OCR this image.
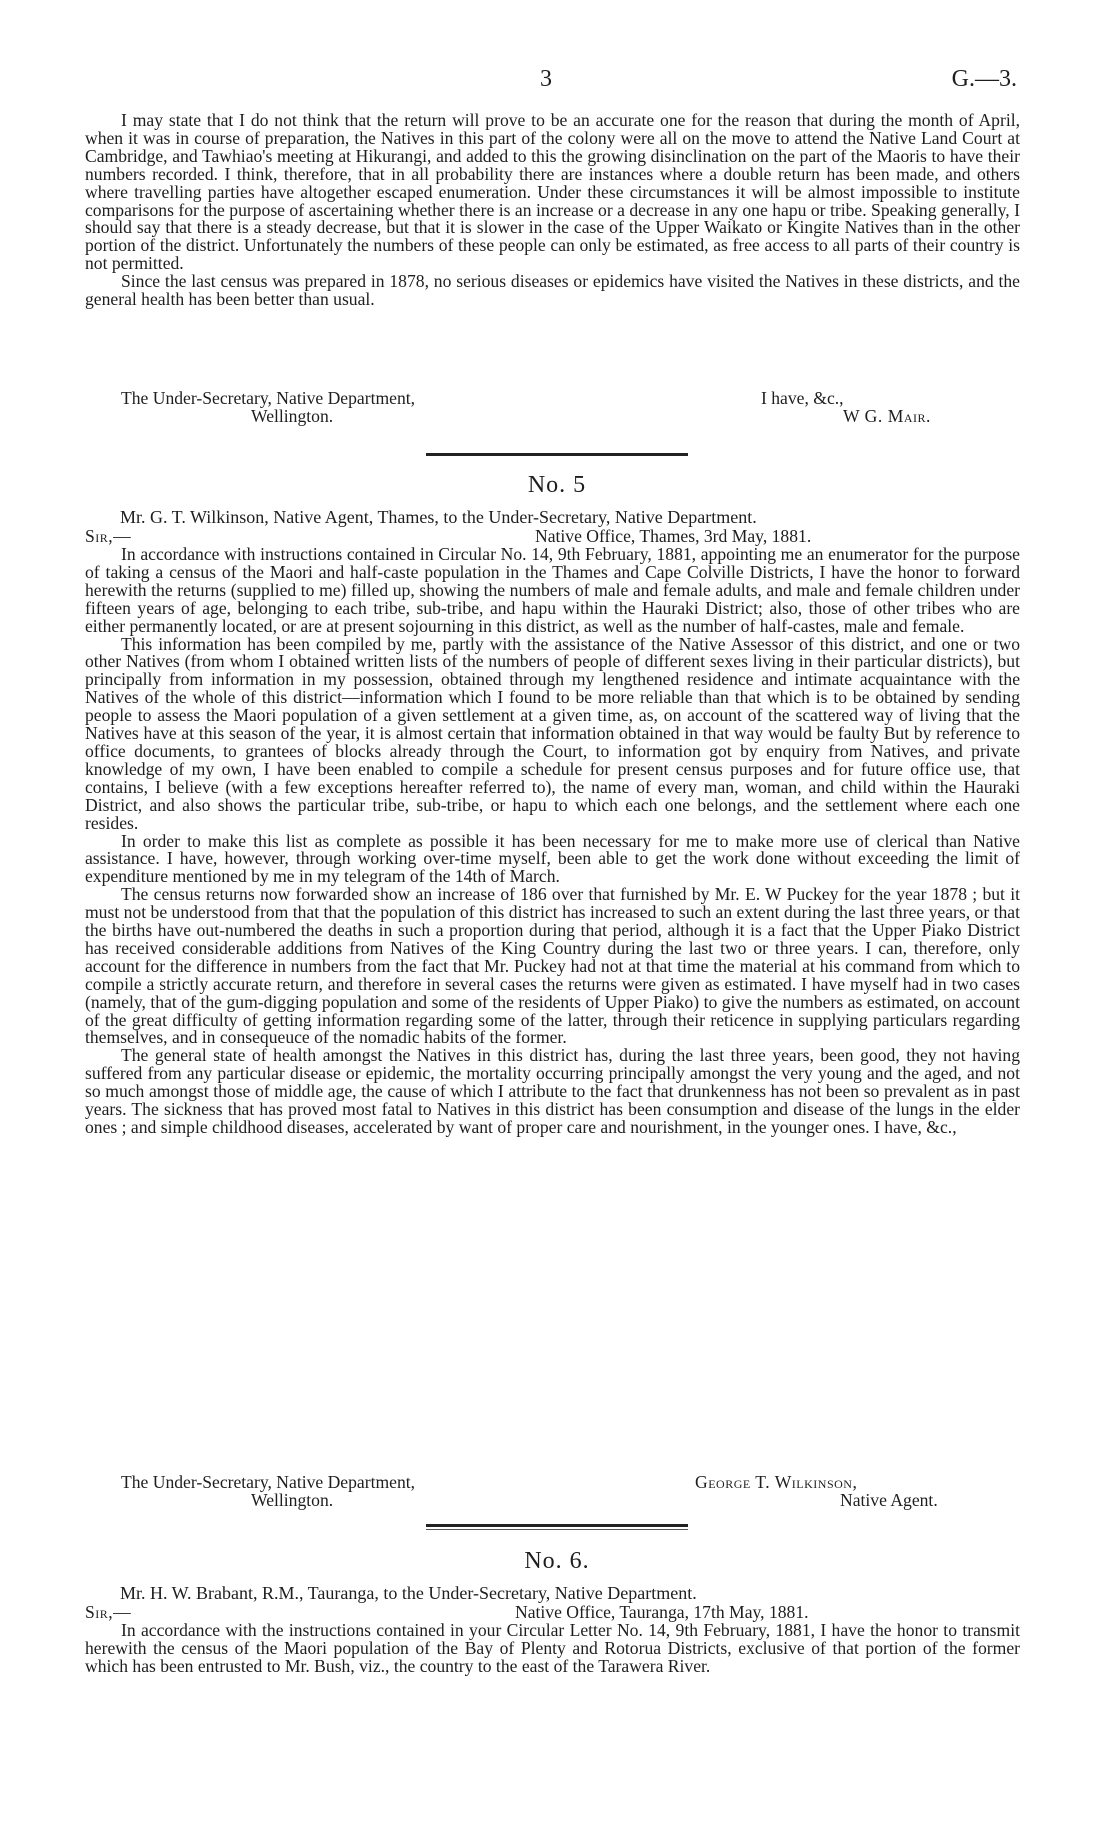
3	G.—3.

I may state that I do not think that the return will prove to be an accurate one for the reason that during the month of April, when it was in course of preparation, the Natives in this part of the colony were all on the move to attend the Native Land Court at Cambridge, and Tawhiao's meeting at Hikurangi, and added to this the growing disinclination on the part of the Maoris to have their numbers recorded. I think, therefore, that in all probability there are instances where a double return has been made, and others where travelling parties have altogether escaped enumeration. Under these circumstances it will be almost impossible to institute comparisons for the purpose of ascertaining whether there is an increase or a decrease in any one hapu or tribe. Speaking generally, I should say that there is a steady decrease, but that it is slower in the case of the Upper Waikato or Kingite Natives than in the other portion of the district. Unfortunately the numbers of these people can only be estimated, as free access to all parts of their country is not permitted.

Since the last census was prepared in 1878, no serious diseases or epidemics have visited the Natives in these districts, and the general health has been better than usual.

The Under-Secretary, Native Department,
Wellington.
I have, &c.,
W G. Mair.
No. 5
Mr. G. T. Wilkinson, Native Agent, Thames, to the Under-Secretary, Native Department.
Sir,—	Native Office, Thames, 3rd May, 1881.

In accordance with instructions contained in Circular No. 14, 9th February, 1881, appointing me an enumerator for the purpose of taking a census of the Maori and half-caste population in the Thames and Cape Colville Districts, I have the honor to forward herewith the returns (supplied to me) filled up, showing the numbers of male and female adults, and male and female children under fifteen years of age, belonging to each tribe, sub-tribe, and hapu within the Hauraki District; also, those of other tribes who are either permanently located, or are at present sojourning in this district, as well as the number of half-castes, male and female.

This information has been compiled by me, partly with the assistance of the Native Assessor of this district, and one or two other Natives (from whom I obtained written lists of the numbers of people of different sexes living in their particular districts), but principally from information in my possession, obtained through my lengthened residence and intimate acquaintance with the Natives of the whole of this district—information which I found to be more reliable than that which is to be obtained by sending people to assess the Maori population of a given settlement at a given time, as, on account of the scattered way of living that the Natives have at this season of the year, it is almost certain that information obtained in that way would be faulty But by reference to office documents, to grantees of blocks already through the Court, to information got by enquiry from Natives, and private knowledge of my own, I have been enabled to compile a schedule for present census purposes and for future office use, that contains, I believe (with a few exceptions hereafter referred to), the name of every man, woman, and child within the Hauraki District, and also shows the particular tribe, sub-tribe, or hapu to which each one belongs, and the settlement where each one resides.

In order to make this list as complete as possible it has been necessary for me to make more use of clerical than Native assistance. I have, however, through working over-time myself, been able to get the work done without exceeding the limit of expenditure mentioned by me in my telegram of the 14th of March.

The census returns now forwarded show an increase of 186 over that furnished by Mr. E. W Puckey for the year 1878 ; but it must not be understood from that that the population of this district has increased to such an extent during the last three years, or that the births have out-numbered the deaths in such a proportion during that period, although it is a fact that the Upper Piako District has received considerable additions from Natives of the King Country during the last two or three years. I can, therefore, only account for the difference in numbers from the fact that Mr. Puckey had not at that time the material at his command from which to compile a strictly accurate return, and therefore in several cases the returns were given as estimated. I have myself had in two cases (namely, that of the gum-digging population and some of the residents of Upper Piako) to give the numbers as estimated, on account of the great difficulty of getting information regarding some of the latter, through their reticence in supplying particulars regarding themselves, and in consequeuce of the nomadic habits of the former.

The general state of health amongst the Natives in this district has, during the last three years, been good, they not having suffered from any particular disease or epidemic, the mortality occurring principally amongst the very young and the aged, and not so much amongst those of middle age, the cause of which I attribute to the fact that drunkenness has not been so prevalent as in past years. The sickness that has proved most fatal to Natives in this district has been consumption and disease of the lungs in the elder ones ; and simple childhood diseases, accelerated by want of proper care and nourishment, in the younger ones. I have, &c.,

The Under-Secretary, Native Department,
Wellington.
George T. Wilkinson,
Native Agent.
No. 6.
Mr. H. W. Brabant, R.M., Tauranga, to the Under-Secretary, Native Department.
Sir,—	Native Office, Tauranga, 17th May, 1881.

In accordance with the instructions contained in your Circular Letter No. 14, 9th February, 1881, I have the honor to transmit herewith the census of the Maori population of the Bay of Plenty and Rotorua Districts, exclusive of that portion of the former which has been entrusted to Mr. Bush, viz., the country to the east of the Tarawera River.
